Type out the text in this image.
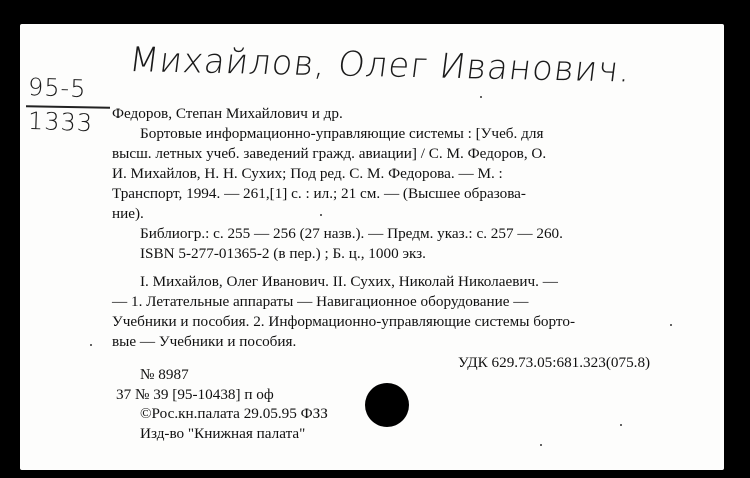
Михайлов, Олег Иванович.
95-5
1333 Федоров, Степан Михайлович и др.
Бортовые информационно-управляющие системы : [Учеб. для
высш. летных учеб. заведений гражд. авиации] / С. М. Федоров, О.
И. Михайлов, Н. Н. Сухих; Под ред. С. М. Федорова. — М. :
Транспорт, 1994. — 261,[1] с. : ил.; 21 см. — (Высшее образова-
ние).
Библиогр.: с. 255 — 256 (27 назв.). — Предм. указ.: с. 257 — 260.
ISBN 5-277-01365-2 (в пер.) ; Б. ц., 1000 экз.
I. Михайлов, Олег Иванович. II. Сухих, Николай Николаевич. —
— 1. Летательные аппараты — Навигационное оборудование —
Учебники и пособия. 2. Информационно-управляющие системы борто-
вые — Учебники и пособия.
№ 8987
УДК 629.73.05:681.323(075.8)
37 № 39 [95-10438] п оф
©Рос.кн.палата 29.05.95 ФЗЗ
Изд-во "Книжная палата"
